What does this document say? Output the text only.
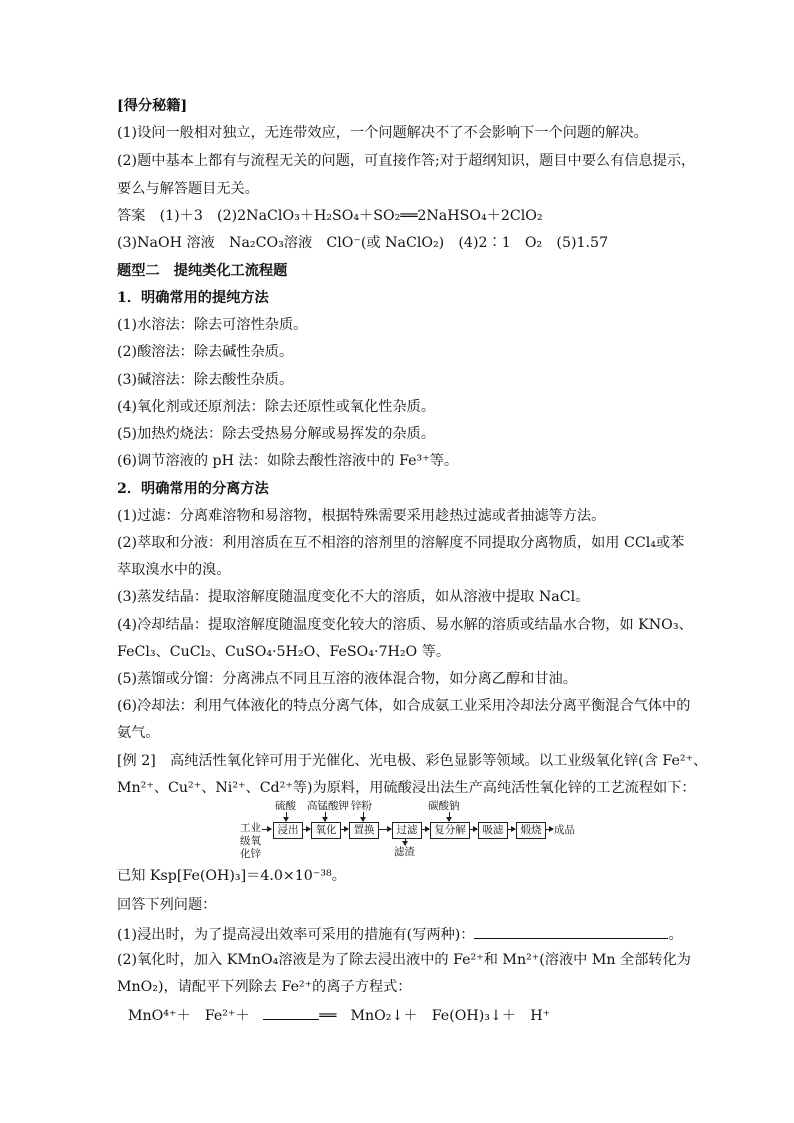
[得分秘籍]
(1)设问一般相对独立，无连带效应，一个问题解决不了不会影响下一个问题的解决。
(2)题中基本上都有与流程无关的问题，可直接作答;对于超纲知识，题目中要么有信息提示，
要么与解答题目无关。
答案　(1)＋3　(2)2NaClO₃＋H₂SO₄＋SO₂══2NaHSO₄＋2ClO₂
(3)NaOH 溶液　Na₂CO₃溶液　ClO⁻(或 NaClO₂)　(4)2∶1　O₂　(5)1.57
题型二　提纯类化工流程题
1．明确常用的提纯方法
(1)水溶法：除去可溶性杂质。
(2)酸溶法：除去碱性杂质。
(3)碱溶法：除去酸性杂质。
(4)氧化剂或还原剂法：除去还原性或氧化性杂质。
(5)加热灼烧法：除去受热易分解或易挥发的杂质。
(6)调节溶液的 pH 法：如除去酸性溶液中的 Fe³⁺等。
2．明确常用的分离方法
(1)过滤：分离难溶物和易溶物，根据特殊需要采用趁热过滤或者抽滤等方法。
(2)萃取和分液：利用溶质在互不相溶的溶剂里的溶解度不同提取分离物质，如用 CCl₄或苯
萃取溴水中的溴。
(3)蒸发结晶：提取溶解度随温度变化不大的溶质，如从溶液中提取 NaCl。
(4)冷却结晶：提取溶解度随温度变化较大的溶质、易水解的溶质或结晶水合物，如 KNO₃、
FeCl₃、CuCl₂、CuSO₄·5H₂O、FeSO₄·7H₂O 等。
(5)蒸馏或分馏：分离沸点不同且互溶的液体混合物，如分离乙醇和甘油。
(6)冷却法：利用气体液化的特点分离气体，如合成氨工业采用冷却法分离平衡混合气体中的
氨气。
[例 2]　高纯活性氧化锌可用于光催化、光电极、彩色显影等领域。以工业级氧化锌(含 Fe²⁺、
Mn²⁺、Cu²⁺、Ni²⁺、Cd²⁺等)为原料，用硫酸浸出法生产高纯活性氧化锌的工艺流程如下：
工业
级氧
化锌
浸出	氧化	置换	过滤	复分解	吸滤	煅烧	成品
硫酸 高锰酸钾 锌粉	碳酸钠
滤渣
已知 Ksp[Fe(OH)₃]＝4.0×10⁻³⁸。
回答下列问题：
(1)浸出时，为了提高浸出效率可采用的措施有(写两种)：	。
(2)氧化时，加入 KMnO₄溶液是为了除去浸出液中的 Fe²⁺和 Mn²⁺(溶液中 Mn 全部转化为
MnO₂)，请配平下列除去 Fe²⁺的离子方程式：
MnO⁴⁺＋　Fe²⁺＋	══　MnO₂↓＋　Fe(OH)₃↓＋　H⁺
